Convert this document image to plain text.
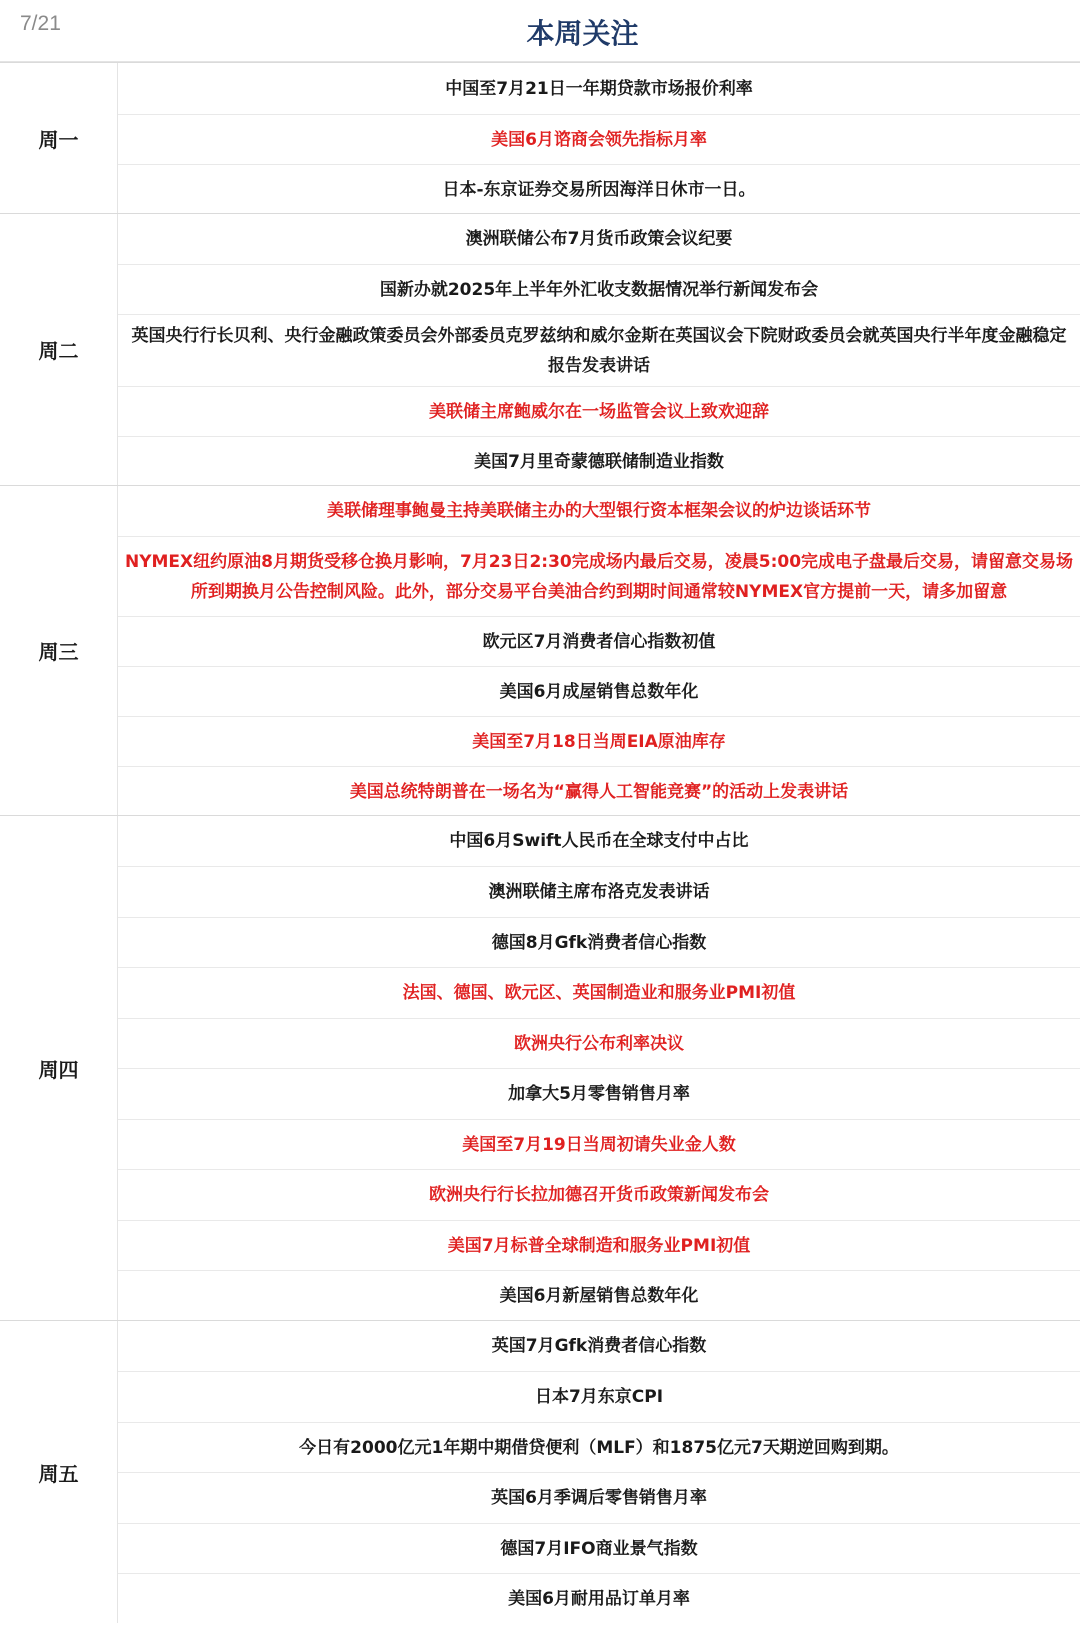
7/21	本周关注
周一
中国至7月21日一年期贷款市场报价利率
美国6月谘商会领先指标月率
日本-东京证券交易所因海洋日休市一日。
周二
澳洲联储公布7月货币政策会议纪要
国新办就2025年上半年外汇收支数据情况举行新闻发布会
英国央行行长贝利、央行金融政策委员会外部委员克罗兹纳和威尔金斯在英国议会下院财政委员会就英国央行半年度金融稳定报告发表讲话
美联储主席鲍威尔在一场监管会议上致欢迎辞
美国7月里奇蒙德联储制造业指数
周三
美联储理事鲍曼主持美联储主办的大型银行资本框架会议的炉边谈话环节
NYMEX纽约原油8月期货受移仓换月影响，7月23日2:30完成场内最后交易，凌晨5:00完成电子盘最后交易，请留意交易场所到期换月公告控制风险。此外，部分交易平台美油合约到期时间通常较NYMEX官方提前一天，请多加留意
欧元区7月消费者信心指数初值
美国6月成屋销售总数年化
美国至7月18日当周EIA原油库存
美国总统特朗普在一场名为“赢得人工智能竞赛”的活动上发表讲话
周四
中国6月Swift人民币在全球支付中占比
澳洲联储主席布洛克发表讲话
德国8月Gfk消费者信心指数
法国、德国、欧元区、英国制造业和服务业PMI初值
欧洲央行公布利率决议
加拿大5月零售销售月率
美国至7月19日当周初请失业金人数
欧洲央行行长拉加德召开货币政策新闻发布会
美国7月标普全球制造和服务业PMI初值
美国6月新屋销售总数年化
周五
英国7月Gfk消费者信心指数
日本7月东京CPI
今日有2000亿元1年期中期借贷便利（MLF）和1875亿元7天期逆回购到期。
英国6月季调后零售销售月率
德国7月IFO商业景气指数
美国6月耐用品订单月率
